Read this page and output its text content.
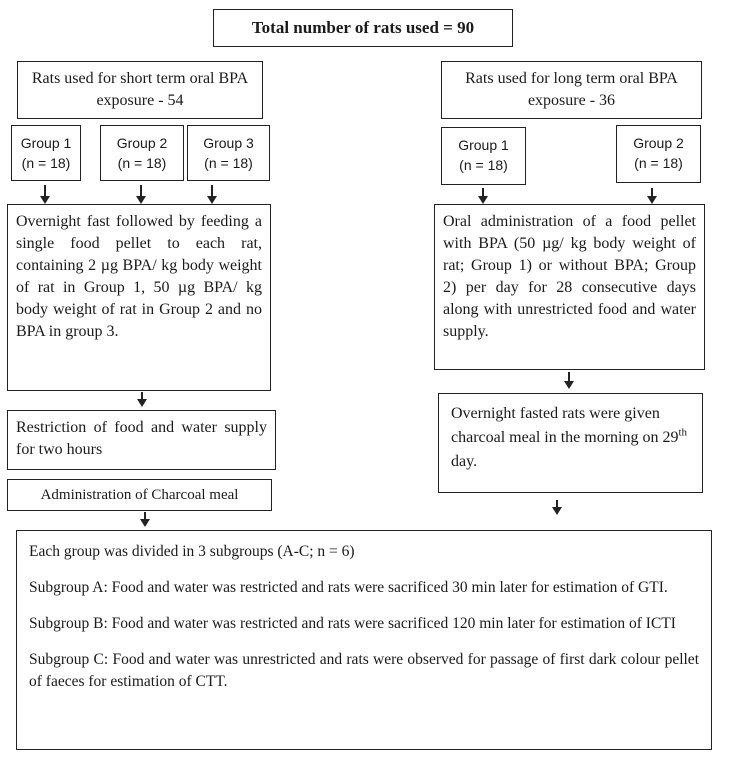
Total number of rats used = 90
Rats used for short term oral BPA exposure - 54
Rats used for long term oral BPA exposure - 36
Group 1
(n = 18)
Group 2
(n = 18)
Group 3
(n = 18)
Group 1
(n = 18)
Group 2
(n = 18)
Overnight fast followed by feeding a single food pellet to each rat, containing 2 µg BPA/ kg body weight of rat in Group 1, 50 µg BPA/ kg body weight of rat in Group 2 and no BPA in group 3.
Oral administration of a food pellet with BPA (50 µg/ kg body weight of rat; Group 1) or without BPA; Group 2) per day for 28 consecutive days along with unrestricted food and water supply.
Restriction of food and water supply for two hours
Overnight fasted rats were given charcoal meal in the morning on 29th day.
Administration of Charcoal meal

Each group was divided in 3 subgroups (A-C; n = 6)

Subgroup A: Food and water was restricted and rats were sacrificed 30 min later for estimation of GTI.

Subgroup B: Food and water was restricted and rats were sacrificed 120 min later for estimation of ICTI

Subgroup C: Food and water was unrestricted and rats were observed for passage of first dark colour pellet of faeces for estimation of CTT.
